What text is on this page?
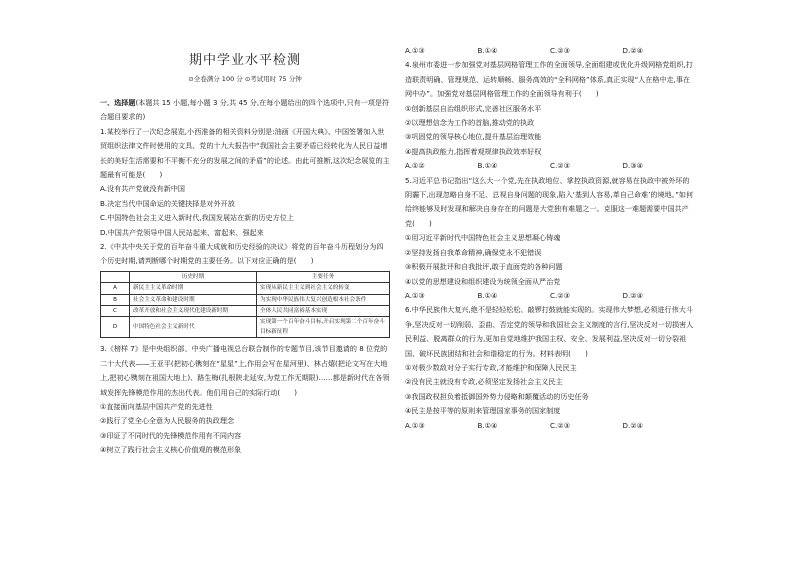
期中学业水平检测
⊙全卷满分 100 分 ⊙考试用时 75 分钟

一、选择题(本题共 15 小题,每小题 3 分,共 45 分,在每小题给出的四个选项中,只有一项是符合题目要求的)

1.某校举行了一次纪念展览,小西准备的相关资料分别是:油画《开国大典》、中国签署加入世贸组织法律文件时使用的文具、党的十九大报告中“我国社会主要矛盾已经转化为人民日益增长的美好生活需要和不平衡不充分的发展之间的矛盾”的论述。由此可推断,这次纪念展览的主题最有可能是(　　)

A.没有共产党就没有新中国

B.决定当代中国命运的关键抉择是对外开放

C.中国特色社会主义进入新时代,我国发展站在新的历史方位上

D.中国共产党领导中国人民站起来、富起来、强起来

2.《中共中央关于党的百年奋斗重大成就和历史经验的决议》将党的百年奋斗历程划分为四个历史时期,请判断哪个时期党的主要任务。以下对应正确的是(　　)

	历史时期	主要任务
A	新民主主义革命时期	实现从新民主主义到社会主义的转变
B	社会主义革命和建设时期	为实现中华民族伟大复兴创造根本社会条件
C	改革开放和社会主义现代化建设新时期	全体人民共同富裕基本实现
D	中国特色社会主义新时代	实现第一个百年奋斗目标,开启实现第二个百年奋斗目标新征程

3.《榜样 7》是中央组织部、中央广播电视总台联合制作的专题节目,该节目邀请的 8 位党的二十大代表——王亚平(把初心镌刻在“星星”上,作用会写在星河里)、林占熺(把论文写在大地上,把初心镌刻在祖国大地上)、路生梅(扎根陕北延安,为党工作无期限)……都是新时代在各领域发挥先锋模范作用的杰出代表。他们用自己的实际行动(　　)

①直接面向基层中国共产党的先进性

②践行了党全心全意为人民服务的执政理念

③印证了不同时代的先锋模范作用有不同内容

④树立了践行社会主义核心价值观的模范形象

A.①③	B.①④	C.②③	D.②④

4.泉州市委进一步加强党对基层网格管理工作的全面领导,全面组建或优化升级网格党组织,打造联责明确、管理规范、运转顺畅、服务高效的“全科网格”体系,真正实现“人在格中走,事在网中办”。加强党对基层网格管理工作的全面领导有利于(　　)

①创新基层自治组织形式,完善社区服务水平

②以理想信念为工作的首脑,推动党的执政

③巩固党的领导核心地位,提升基层治理效能

④提高执政能力,指挥着观规律执政效率好权

A.①②	B.①④	C.②③	D.③④

5.习近平总书记指出“这么大一个党,先在执政地位、掌控执政资源,就容易在执政中被外环的阴霾下,出现忽略自身不足、总视自身问题的现象,陷入‘基到人容易,革自己命难’的境地。”如何给终能够及时发现和解决自身存在的问题是大党独有难题之一。克服这一难题需要中国共产党(　　)

①用习近平新时代中国特色社会主义思想凝心铸魂

②坚持发扬自我革命精神,确保党永不犯错误

③积极开展批评和自我批评,敢于直面党的各种问题

④以党的思想建设和组织建设为统领全面从严治党

A.①③	B.①④	C.②③	D.②④

6.中华民族伟大复兴,绝不是轻轻松松、敲锣打鼓就能实现的。实现伟大梦想,必须进行伟大斗争,坚决反对一切削弱、歪曲、否定党的领导和我国社会主义制度的言行,坚决反对一切损害人民利益、脱离群众的行为,更加自觉地维护我国主权、安全、发展利益,坚决反对一切分裂祖国、破坏民族团结和社会和谐稳定的行为。材料表明(　　)

①对极少数敌对分子实行专政,才能维护和保障人民民主

②没有民主就没有专政,必须坚定发扬社会主义民主

③我国政权担负着抵御国外势力侵略和颠覆活动的历史任务

④民主是按平等的原则来管理国家事务的国家制度

A.①③	B.①④	C.②③	D.②④
